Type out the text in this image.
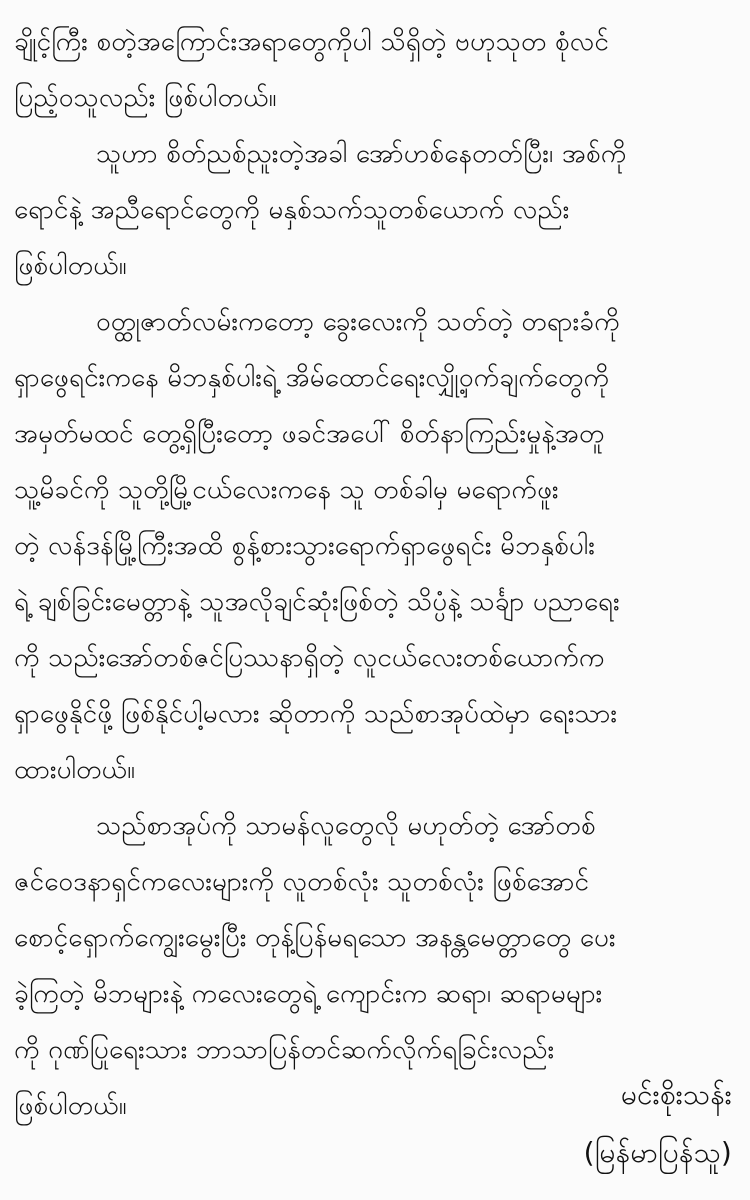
ချိုင့်ကြီး စတဲ့အကြောင်းအရာတွေကိုပါ သိရှိတဲ့ ဗဟုသုတ စုံလင်
ပြည့်ဝသူလည်း ဖြစ်ပါတယ်။
သူဟာ စိတ်ညစ်ညူးတဲ့အခါ အော်ဟစ်နေတတ်ပြီး၊ အစ်ကို
ရောင်နဲ့ အညီရောင်တွေကို မနှစ်သက်သူတစ်ယောက် လည်း
ဖြစ်ပါတယ်။
ဝတ္ထုဇာတ်လမ်းကတော့ ခွေးလေးကို သတ်တဲ့ တရားခံကို
ရှာဖွေရင်းကနေ မိဘနှစ်ပါးရဲ့ အိမ်ထောင်ရေးလျှို့ဝှက်ချက်တွေကို
အမှတ်မထင် တွေ့ရှိပြီးတော့ ဖခင်အပေါ် စိတ်နာကြည်းမှုနဲ့အတူ
သူ့မိခင်ကို သူတို့မြို့ငယ်လေးကနေ သူ တစ်ခါမှ မရောက်ဖူး
တဲ့ လန်ဒန်မြို့ကြီးအထိ စွန့်စားသွားရောက်ရှာဖွေရင်း မိဘနှစ်ပါး
ရဲ့ ချစ်ခြင်းမေတ္တာနဲ့ သူအလိုချင်ဆုံးဖြစ်တဲ့ သိပ္ပံနဲ့ သင်္ချာ ပညာရေး
ကို သည်းအော်တစ်ဇင်ပြဿနာရှိတဲ့ လူငယ်လေးတစ်ယောက်က
ရှာဖွေနိုင်ဖို့ ဖြစ်နိုင်ပါ့မလား ဆိုတာကို သည်စာအုပ်ထဲမှာ ရေးသား
ထားပါတယ်။
သည်စာအုပ်ကို သာမန်လူတွေလို မဟုတ်တဲ့ အော်တစ်
ဇင်ဝေဒနာရှင်ကလေးများကို လူတစ်လုံး သူတစ်လုံး ဖြစ်အောင်
စောင့်ရှောက်ကျွေးမွေးပြီး တုန့်ပြန်မရသော အနန္တမေတ္တာတွေ ပေး
ခဲ့ကြတဲ့ မိဘများနဲ့ ကလေးတွေရဲ့ ကျောင်းက ဆရာ၊ ဆရာမများ
ကို ဂုဏ်ပြုရေးသား ဘာသာပြန်တင်ဆက်လိုက်ရခြင်းလည်း
ဖြစ်ပါတယ်။	မင်းစိုးသန်း
(မြန်မာပြန်သူ)
